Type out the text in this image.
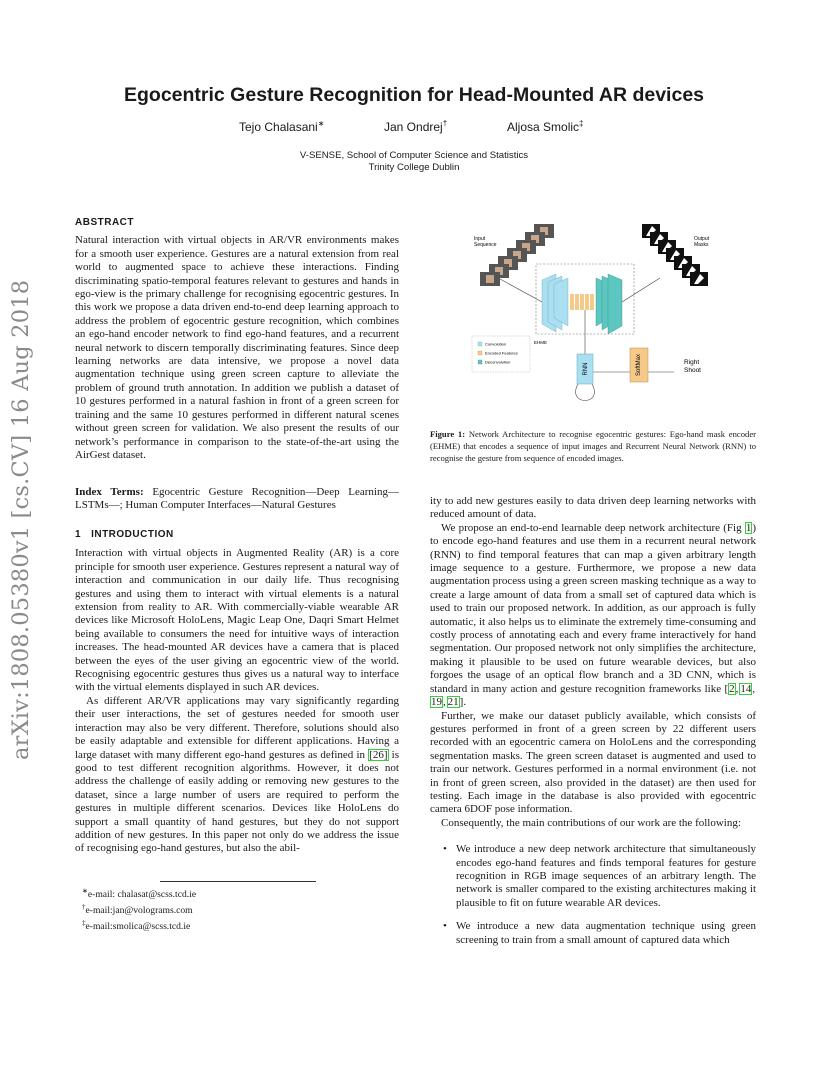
arXiv:1808.05380v1 [cs.CV] 16 Aug 2018
Egocentric Gesture Recognition for Head-Mounted AR devices
Tejo Chalasani∗	Jan Ondrej†	Aljosa Smolic‡
V-SENSE, School of Computer Science and Statistics
Trinity College Dublin

ABSTRACT

Natural interaction with virtual objects in AR/VR environments makes for a smooth user experience. Gestures are a natural extension from real world to augmented space to achieve these interactions. Finding discriminating spatio-temporal features relevant to gestures and hands in ego-view is the primary challenge for recognising egocentric gestures. In this work we propose a data driven end-to-end deep learning approach to address the problem of egocentric gesture recognition, which combines an ego-hand encoder network to find ego-hand features, and a recurrent neural network to discern temporally discriminating features. Since deep learning networks are data intensive, we propose a novel data augmentation technique using green screen capture to alleviate the problem of ground truth annotation. In addition we publish a dataset of 10 gestures performed in a natural fashion in front of a green screen for training and the same 10 gestures performed in different natural scenes without green screen for validation. We also present the results of our network’s performance in comparison to the state-of-the-art using the AirGest dataset.

Index Terms: Egocentric Gesture Recognition—Deep Learning—LSTMs—; Human Computer Interfaces—Natural Gestures

1 INTRODUCTION

Interaction with virtual objects in Augmented Reality (AR) is a core principle for smooth user experience. Gestures represent a natural way of interaction and communication in our daily life. Thus recognising gestures and using them to interact with virtual elements is a natural extension from reality to AR. With commercially-viable wearable AR devices like Microsoft HoloLens, Magic Leap One, Daqri Smart Helmet being available to consumers the need for intuitive ways of interaction increases. The head-mounted AR devices have a camera that is placed between the eyes of the user giving an egocentric view of the world. Recognising egocentric gestures thus gives us a natural way to interface with the virtual elements displayed in such AR devices.

As different AR/VR applications may vary significantly regarding their user interactions, the set of gestures needed for smooth user interaction may also be very different. Therefore, solutions should also be easily adaptable and extensible for different applications. Having a large dataset with many different ego-hand gestures as defined in [26] is good to test different recognition algorithms. However, it does not address the challenge of easily adding or removing new gestures to the dataset, since a large number of users are required to perform the gestures in multiple different scenarios. Devices like HoloLens do support a small quantity of hand gestures, but they do not support addition of new gestures. In this paper not only do we address the issue of recognising ego-hand gestures, but also the abil-

∗e-mail: chalasat@scss.tcd.ie

†e-mail:jan@volograms.com

‡e-mail:smolica@scss.tcd.ie

Input Sequence
Output Masks
EHME
RNN	SoftMax	Right Shoot
Convolution
Encoded Features
Deconvolution
Figure 1: Network Architecture to recognise egocentric gestures: Ego-hand mask encoder (EHME) that encodes a sequence of input images and Recurrent Neural Network (RNN) to recognise the gesture from sequence of encoded images.

ity to add new gestures easily to data driven deep learning networks with reduced amount of data.

We propose an end-to-end learnable deep network architecture (Fig 1) to encode ego-hand features and use them in a recurrent neural network (RNN) to find temporal features that can map a given arbitrary length image sequence to a gesture. Furthermore, we propose a new data augmentation process using a green screen masking technique as a way to create a large amount of data from a small set of captured data which is used to train our proposed network. In addition, as our approach is fully automatic, it also helps us to eliminate the extremely time-consuming and costly process of annotating each and every frame interactively for hand segmentation. Our proposed network not only simplifies the architecture, making it plausible to be used on future wearable devices, but also forgoes the usage of an optical flow branch and a 3D CNN, which is standard in many action and gesture recognition frameworks like [2, 14, 19, 21].

Further, we make our dataset publicly available, which consists of gestures performed in front of a green screen by 22 different users recorded with an egocentric camera on HoloLens and the corresponding segmentation masks. The green screen dataset is augmented and used to train our network. Gestures performed in a normal environment (i.e. not in front of green screen, also provided in the dataset) are then used for testing. Each image in the database is also provided with egocentric camera 6DOF pose information.

Consequently, the main contributions of our work are the following:

• We introduce a new deep network architecture that simultaneously encodes ego-hand features and finds temporal features for gesture recognition in RGB image sequences of an arbitrary length. The network is smaller compared to the existing architectures making it plausible to fit on future wearable AR devices.
• We introduce a new data augmentation technique using green screening to train from a small amount of captured data which
